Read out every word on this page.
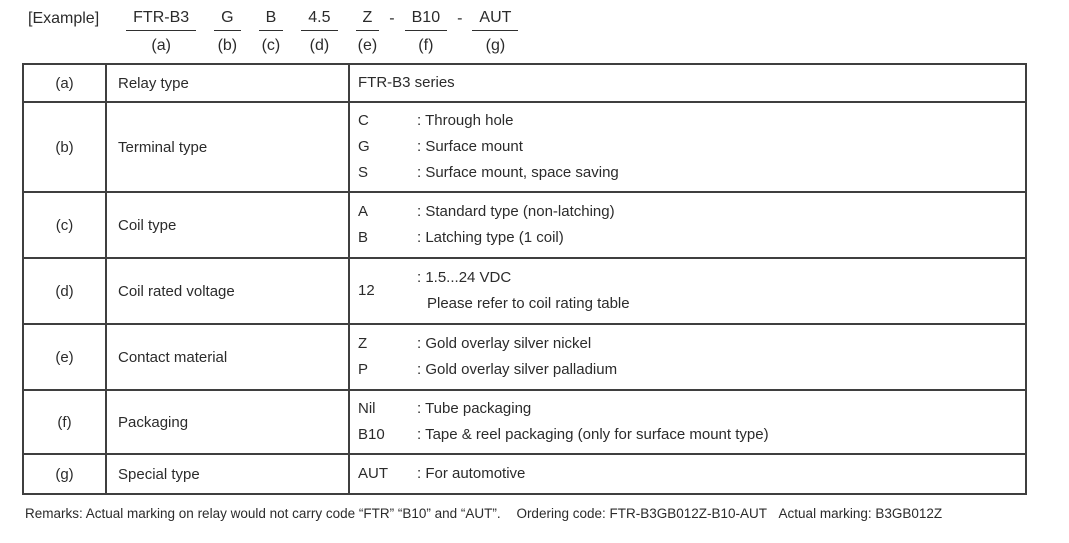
[Example]	FTR-B3
(a)
G
(b)
B
(c)
4.5
(d)
Z
(e)
-	B10
(f)
-	AUT
(g)
(a)	Relay type	FTR-B3 series
(b)	Terminal type
C	: Through hole
G	: Surface mount
S	: Surface mount, space saving
(c)	Coil type
A	: Standard type (non-latching)
B	: Latching type (1 coil)
(d)	Coil rated voltage	12
: 1.5...24 VDC
Please refer to coil rating table
(e)	Contact material
Z	: Gold overlay silver nickel
P	: Gold overlay silver palladium
(f)	Packaging
Nil	: Tube packaging
B10	: Tape & reel packaging (only for surface mount type)
(g)	Special type	AUT	: For automotive
Remarks: Actual marking on relay would not carry code “FTR” “B10” and “AUT”. Ordering code: FTR-B3GB012Z-B10-AUT Actual marking: B3GB012Z
